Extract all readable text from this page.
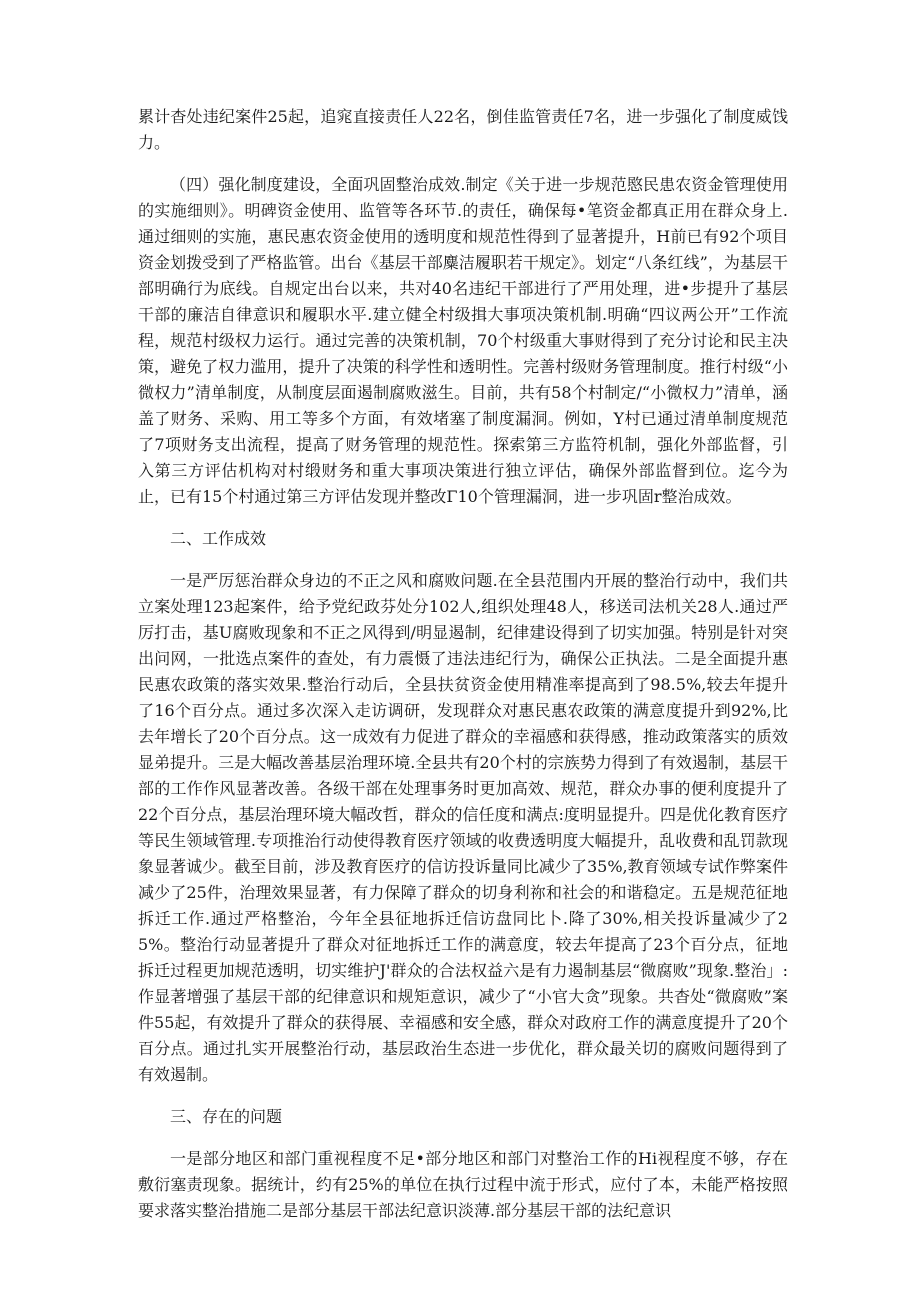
累计杳处违纪案件25起，追窕直接责任人22名，倒佳监管责任7名，进一步强化了制度威饯力。

（四）强化制度建设，全面巩固整治成效.制定《关于进一步规范愍民患农资金管理使用的实施细则》。明碑资金使用、监管等各环节.的责任，确保每•笔资金都真正用在群众身上.通过细则的实施，惠民惠农资金使用的透明度和规范性得到了显著提升，H前已有92个项目资金划拨受到了严格监管。出台《基层干部麋洁履职若干规定》。划定“八条红线”，为基层干部明确行为底线。自规定出台以来，共对40名违纪干部进行了严用处理，进•步提升了基层干部的廉洁自律意识和履职水平.建立健全村级揖大事项决策机制.明确“四议两公开”工作流程，规范村级权力运行。通过完善的决策机制，70个村级重大事财得到了充分讨论和民主决策，避免了权力滥用，提升了决策的科学性和透明性。完善村级财务管理制度。推行村级“小微权力”清单制度，从制度层面遏制腐败滋生。目前，共有58个村制定/“小微权力”清单，涵盖了财务、采购、用工等多个方面，有效堵塞了制度漏洞。例如，Y村已通过清单制度规范了7项财务支出流程，提高了财务管理的规范性。探索第三方监符机制，强化外部监督，引入第三方评估机构对村缎财务和重大事项决策进行独立评估，确保外部监督到位。迄今为止，已有15个村通过第三方评估发现并整改Γ10个管理漏洞，进一步巩固r整治成效。

二、工作成效

一是严厉惩治群众身边的不正之风和腐败问题.在全县范围内开展的整治行动中，我们共立案处理123起案件，给予党纪政芬处分102人,组织处理48人，移送司法机关28人.通过严厉打击，基U腐败现象和不正之风得到/明显遏制，纪律建设得到了切实加强。特别是针对突出问网，一批选点案件的查处，有力震慑了违法违纪行为，确保公正执法。二是全面提升惠民惠农政策的落实效果.整治行动后，全县扶贫资金使用精准率提高到了98.5%,较去年提升了16个百分点。通过多次深入走访调研，发现群众对惠民惠农政策的满意度提升到92%,比去年增长了20个百分点。这一成效有力促进了群众的幸福感和获得感，推动政策落实的质效显弟提升。三是大幅改善基层治理环境.全县共有20个村的宗族势力得到了有效遏制，基层干部的工作作风显著改善。各级干部在处理事务时更加高效、规范，群众办事的便利度提升了22个百分点，基层治理环境大幅改哲，群众的信任度和满点:度明显提升。四是优化教育医疗等民生领域管理.专项推治行动使得教育医疗领域的收费透明度大幅提升，乱收费和乱罚款现象显著诚少。截至目前，涉及教育医疗的信访投诉量同比减少了35%,教育领域专试作弊案件减少了25件，治理效果显著，有力保障了群众的切身利祢和社会的和谐稳定。五是规范征地拆迁工作.通过严格整治，今年全县征地拆迁信访盘同比卜.降了30%,相关投诉量减少了25%。整治行动显著提升了群众对征地拆迁工作的满意度，较去年提高了23个百分点，征地拆迁过程更加规范透明，切实维护J'群众的合法权益六是有力遏制基层“微腐败”现象.整治」:作显著增强了基层干部的纪律意识和规矩意识，减少了“小官大贪”现象。共杳处“微腐败”案件55起，有效提升了群众的获得展、幸福感和安全感，群众对政府工作的满意度提升了20个百分点。通过扎实开展整治行动，基层政治生态进一步优化，群众最关切的腐败问题得到了有效遏制。

三、存在的问题

一是部分地区和部门重视程度不足•部分地区和部门对整治工作的Hi视程度不够，存在敷衍塞责现象。据统计，约有25%的单位在执行过程中流于形式，应付了本，未能严格按照要求落实整治措施二是部分基层干部法纪意识淡薄.部分基层干部的法纪意识
